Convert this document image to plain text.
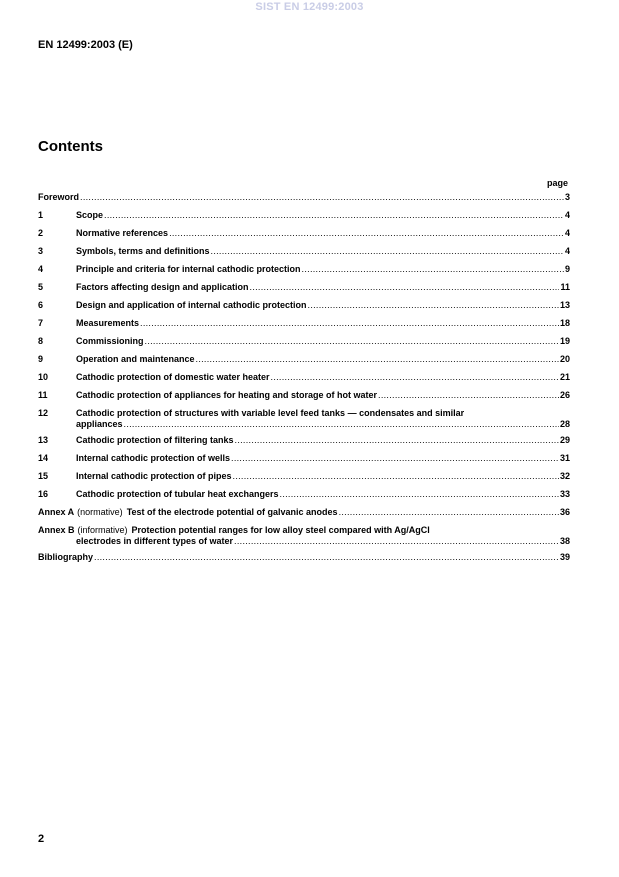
SIST EN 12499:2003
EN 12499:2003 (E)
Contents
page
Foreword .....	3
1	Scope .....	4
2	Normative references .....	4
3	Symbols, terms and definitions .....	4
4	Principle and criteria for internal cathodic protection .....	9
5	Factors affecting design and application .....	11
6	Design and application of internal cathodic protection .....	13
7	Measurements .....	18
8	Commissioning .....	19
9	Operation and maintenance .....	20
10	Cathodic protection of domestic water heater .....	21
11	Cathodic protection of appliances for heating and storage of hot water .....	26
12	Cathodic protection of structures with variable level feed tanks — condensates and similar
appliances .....	28
13	Cathodic protection of filtering tanks .....	29
14	Internal cathodic protection of wells .....	31
15	Internal cathodic protection of pipes .....	32
16	Cathodic protection of tubular heat exchangers .....	33
Annex A (normative) Test of the electrode potential of galvanic anodes .....	36
Annex B (informative) Protection potential ranges for low alloy steel compared with Ag/AgCl
electrodes in different types of water .....	38
Bibliography .....	39
2
